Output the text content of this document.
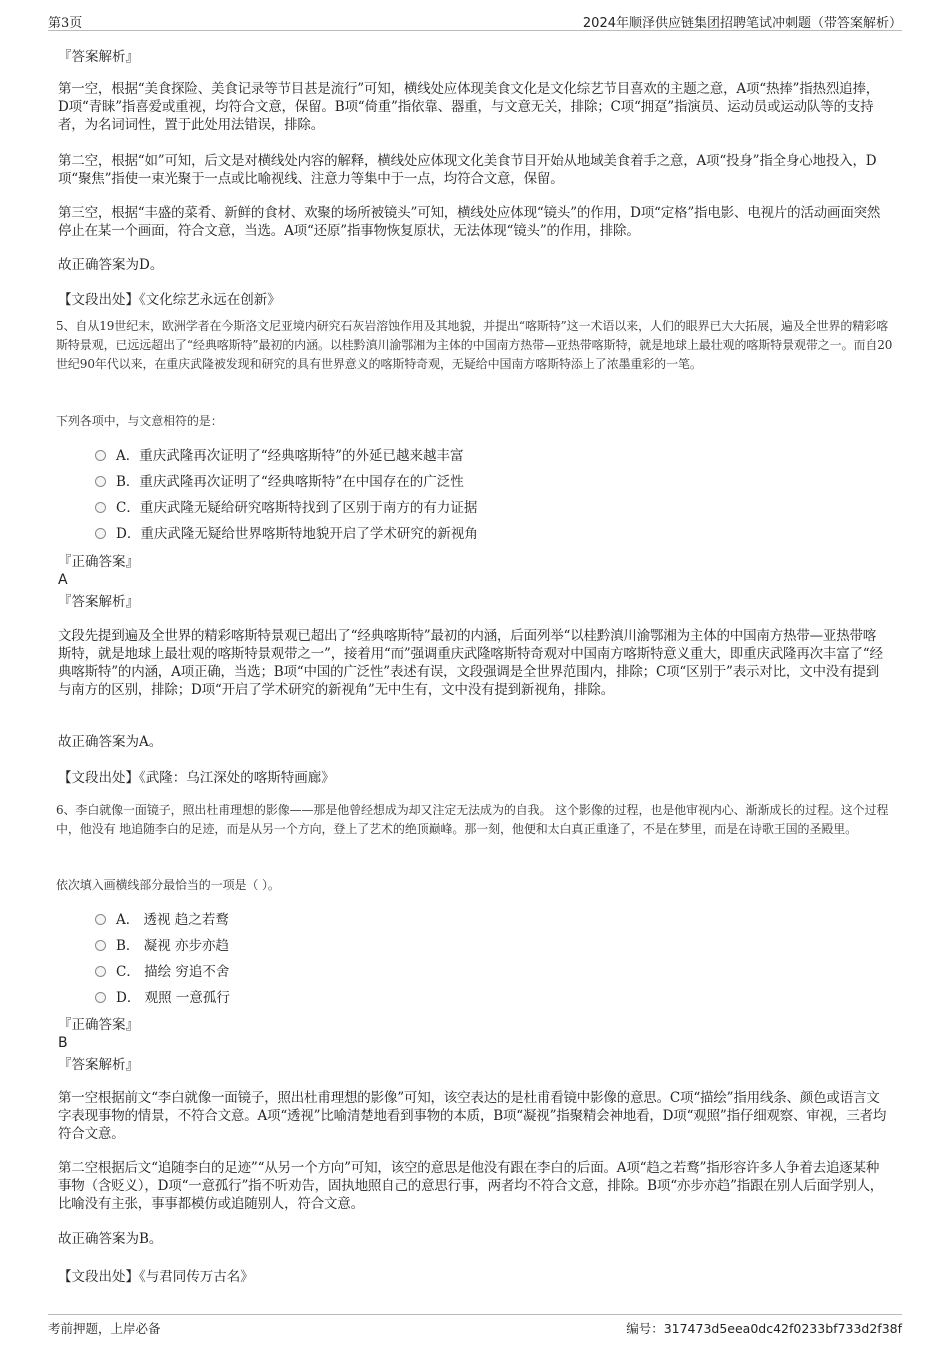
第3页	2024年顺泽供应链集团招聘笔试冲刺题（带答案解析）
『答案解析』
第一空，根据“美食探险、美食记录等节目甚是流行”可知，横线处应体现美食文化是文化综艺节目喜欢的主题之意，A项“热捧”指热烈追捧，D项“青睐”指喜爱或重视，均符合文意，保留。B项“倚重”指依靠、器重，与文意无关，排除；C项“拥趸”指演员、运动员或运动队等的支持者，为名词词性，置于此处用法错误，排除。
第二空，根据“如”可知，后文是对横线处内容的解释，横线处应体现文化美食节目开始从地域美食着手之意，A项“投身”指全身心地投入，D项“聚焦”指使一束光聚于一点或比喻视线、注意力等集中于一点，均符合文意，保留。
第三空，根据“丰盛的菜肴、新鲜的食材、欢聚的场所被镜头”可知，横线处应体现“镜头”的作用，D项“定格”指电影、电视片的活动画面突然停止在某一个画面，符合文意，当选。A项“还原”指事物恢复原状，无法体现“镜头”的作用，排除。
故正确答案为D。
【文段出处】《文化综艺永远在创新》
5、自从19世纪末，欧洲学者在今斯洛文尼亚境内研究石灰岩溶蚀作用及其地貌，并提出“喀斯特”这一术语以来，人们的眼界已大大拓展，遍及全世界的精彩喀斯特景观，已远远超出了“经典喀斯特”最初的内涵。以桂黔滇川渝鄂湘为主体的中国南方热带—亚热带喀斯特，就是地球上最壮观的喀斯特景观带之一。而自20世纪90年代以来，在重庆武隆被发现和研究的具有世界意义的喀斯特奇观，无疑给中国南方喀斯特添上了浓墨重彩的一笔。
下列各项中，与文意相符的是：
A．重庆武隆再次证明了“经典喀斯特”的外延已越来越丰富
B．重庆武隆再次证明了“经典喀斯特”在中国存在的广泛性
C．重庆武隆无疑给研究喀斯特找到了区别于南方的有力证据
D．重庆武隆无疑给世界喀斯特地貌开启了学术研究的新视角
『正确答案』
A
『答案解析』
文段先提到遍及全世界的精彩喀斯特景观已超出了“经典喀斯特”最初的内涵，后面列举“以桂黔滇川渝鄂湘为主体的中国南方热带—亚热带喀斯特，就是地球上最壮观的喀斯特景观带之一”，接着用“而”强调重庆武隆喀斯特奇观对中国南方喀斯特意义重大，即重庆武隆再次丰富了“经典喀斯特”的内涵，A项正确，当选；B项“中国的广泛性”表述有误，文段强调是全世界范围内，排除；C项“区别于”表示对比，文中没有提到与南方的区别，排除；D项“开启了学术研究的新视角”无中生有，文中没有提到新视角，排除。
故正确答案为A。
【文段出处】《武隆：乌江深处的喀斯特画廊》
6、李白就像一面镜子，照出杜甫理想的影像——那是他曾经想成为却又注定无法成为的自我。 这个影像的过程，也是他审视内心、渐渐成长的过程。这个过程中，他没有 地追随李白的足迹，而是从另一个方向，登上了艺术的绝顶巅峰。那一刻，他便和太白真正重逢了，不是在梦里，而是在诗歌王国的圣殿里。
依次填入画横线部分最恰当的一项是（ ）。
A． 透视 趋之若鹜
B． 凝视 亦步亦趋
C． 描绘 穷追不舍
D． 观照 一意孤行
『正确答案』
B
『答案解析』
第一空根据前文“李白就像一面镜子，照出杜甫理想的影像”可知，该空表达的是杜甫看镜中影像的意思。C项“描绘”指用线条、颜色或语言文字表现事物的情景，不符合文意。A项“透视”比喻清楚地看到事物的本质，B项“凝视”指聚精会神地看，D项“观照”指仔细观察、审视，三者均符合文意。
第二空根据后文“追随李白的足迹”“从另一个方向”可知，该空的意思是他没有跟在李白的后面。A项“趋之若鹜”指形容许多人争着去追逐某种事物（含贬义），D项“一意孤行”指不听劝告，固执地照自己的意思行事，两者均不符合文意，排除。B项“亦步亦趋”指跟在别人后面学别人，比喻没有主张，事事都模仿或追随别人，符合文意。
故正确答案为B。
【文段出处】《与君同传万古名》
考前押题，上岸必备	编号：317473d5eea0dc42f0233bf733d2f38f
